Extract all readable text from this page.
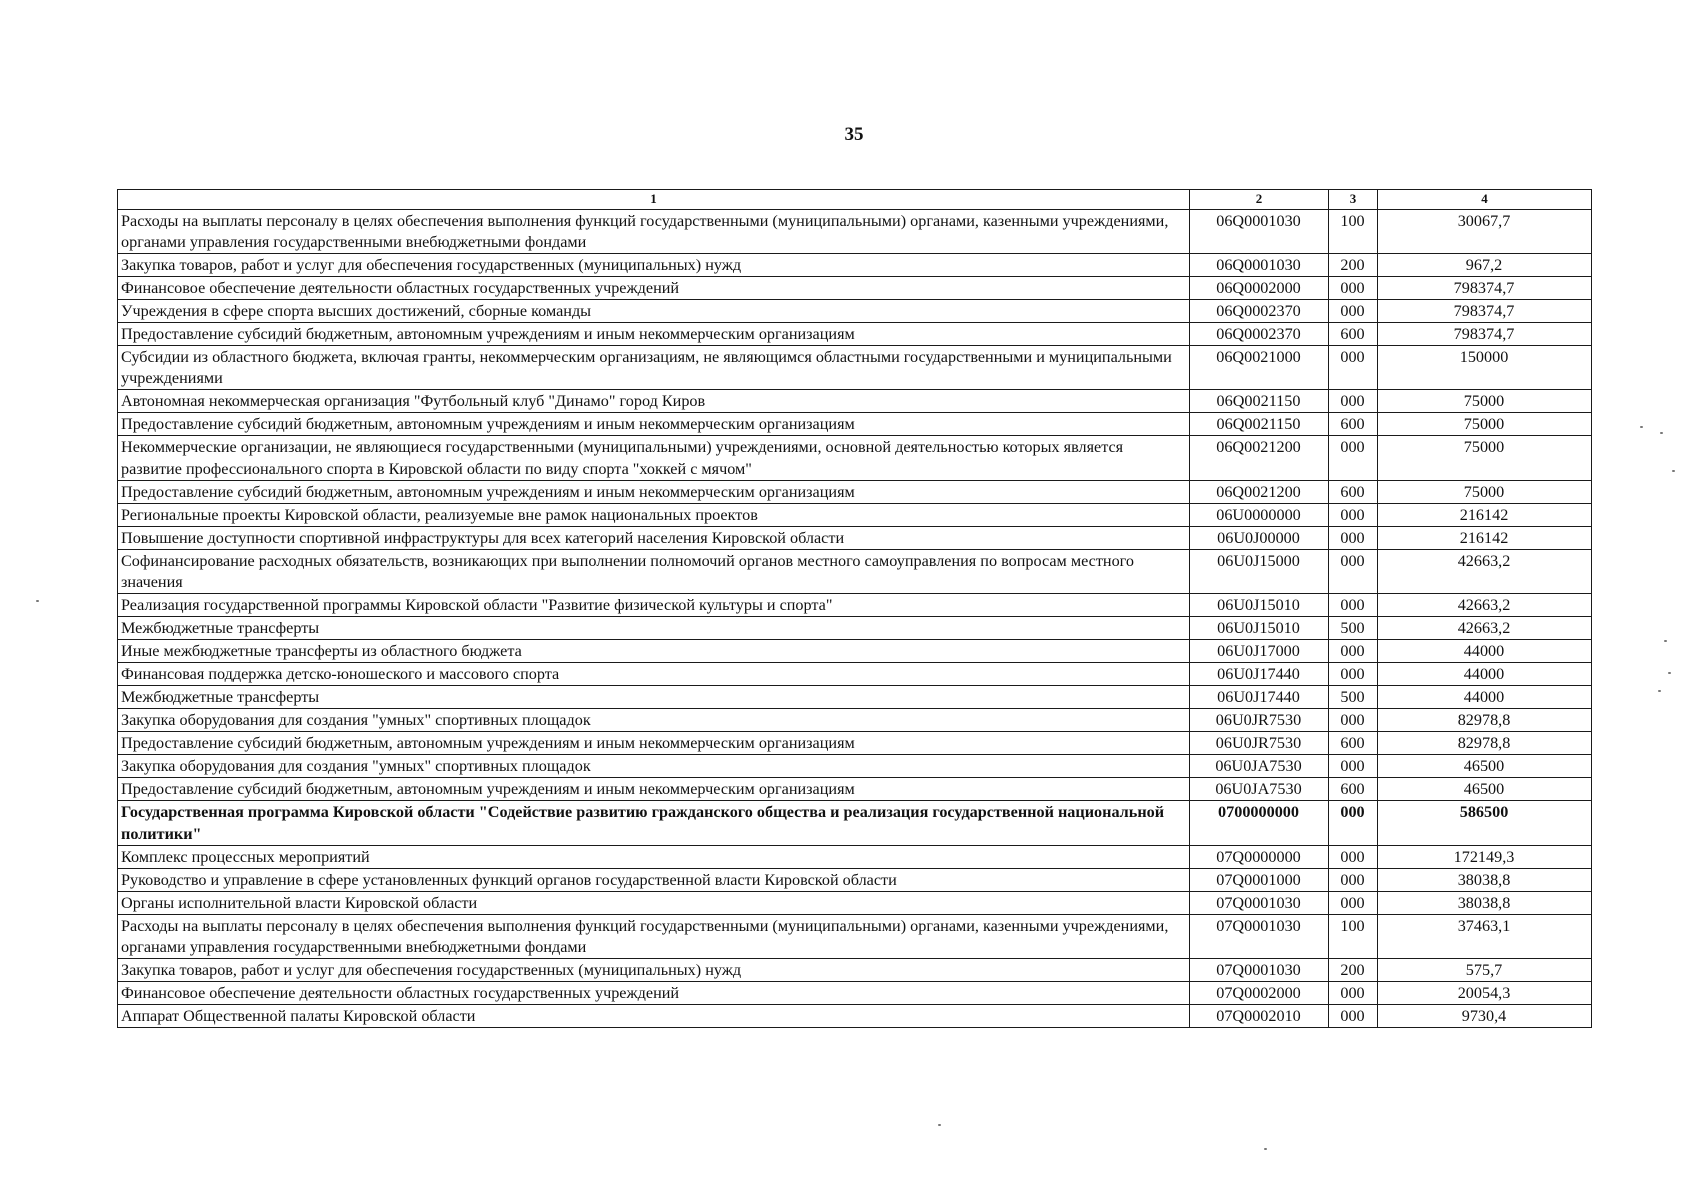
35
1	2	3	4
Расходы на выплаты персоналу в целях обеспечения выполнения функций государственными (муниципальными) органами, казенными учреждениями, органами управления государственными внебюджетными фондами	06Q0001030	100	30067,7
Закупка товаров, работ и услуг для обеспечения государственных (муниципальных) нужд	06Q0001030	200	967,2
Финансовое обеспечение деятельности областных государственных учреждений	06Q0002000	000	798374,7
Учреждения в сфере спорта высших достижений, сборные команды	06Q0002370	000	798374,7
Предоставление субсидий бюджетным, автономным учреждениям и иным некоммерческим организациям	06Q0002370	600	798374,7
Субсидии из областного бюджета, включая гранты, некоммерческим организациям, не являющимся областными государственными и муниципальными учреждениями	06Q0021000	000	150000
Автономная некоммерческая организация "Футбольный клуб "Динамо" город Киров	06Q0021150	000	75000
Предоставление субсидий бюджетным, автономным учреждениям и иным некоммерческим организациям	06Q0021150	600	75000
Некоммерческие организации, не являющиеся государственными (муниципальными) учреждениями, основной деятельностью которых является развитие профессионального спорта в Кировской области по виду спорта "хоккей с мячом"	06Q0021200	000	75000
Предоставление субсидий бюджетным, автономным учреждениям и иным некоммерческим организациям	06Q0021200	600	75000
Региональные проекты Кировской области, реализуемые вне рамок национальных проектов	06U0000000	000	216142
Повышение доступности спортивной инфраструктуры для всех категорий населения Кировской области	06U0J00000	000	216142
Софинансирование расходных обязательств, возникающих при выполнении полномочий органов местного самоуправления по вопросам местного значения	06U0J15000	000	42663,2
Реализация государственной программы Кировской области "Развитие физической культуры и спорта"	06U0J15010	000	42663,2
Межбюджетные трансферты	06U0J15010	500	42663,2
Иные межбюджетные трансферты из областного бюджета	06U0J17000	000	44000
Финансовая поддержка детско-юношеского и массового спорта	06U0J17440	000	44000
Межбюджетные трансферты	06U0J17440	500	44000
Закупка оборудования для создания "умных" спортивных площадок	06U0JR7530	000	82978,8
Предоставление субсидий бюджетным, автономным учреждениям и иным некоммерческим организациям	06U0JR7530	600	82978,8
Закупка оборудования для создания "умных" спортивных площадок	06U0JA7530	000	46500
Предоставление субсидий бюджетным, автономным учреждениям и иным некоммерческим организациям	06U0JA7530	600	46500
Государственная программа Кировской области "Содействие развитию гражданского общества и реализация государственной национальной политики"	0700000000	000	586500
Комплекс процессных мероприятий	07Q0000000	000	172149,3
Руководство и управление в сфере установленных функций органов государственной власти Кировской области	07Q0001000	000	38038,8
Органы исполнительной власти Кировской области	07Q0001030	000	38038,8
Расходы на выплаты персоналу в целях обеспечения выполнения функций государственными (муниципальными) органами, казенными учреждениями, органами управления государственными внебюджетными фондами	07Q0001030	100	37463,1
Закупка товаров, работ и услуг для обеспечения государственных (муниципальных) нужд	07Q0001030	200	575,7
Финансовое обеспечение деятельности областных государственных учреждений	07Q0002000	000	20054,3
Аппарат Общественной палаты Кировской области	07Q0002010	000	9730,4
